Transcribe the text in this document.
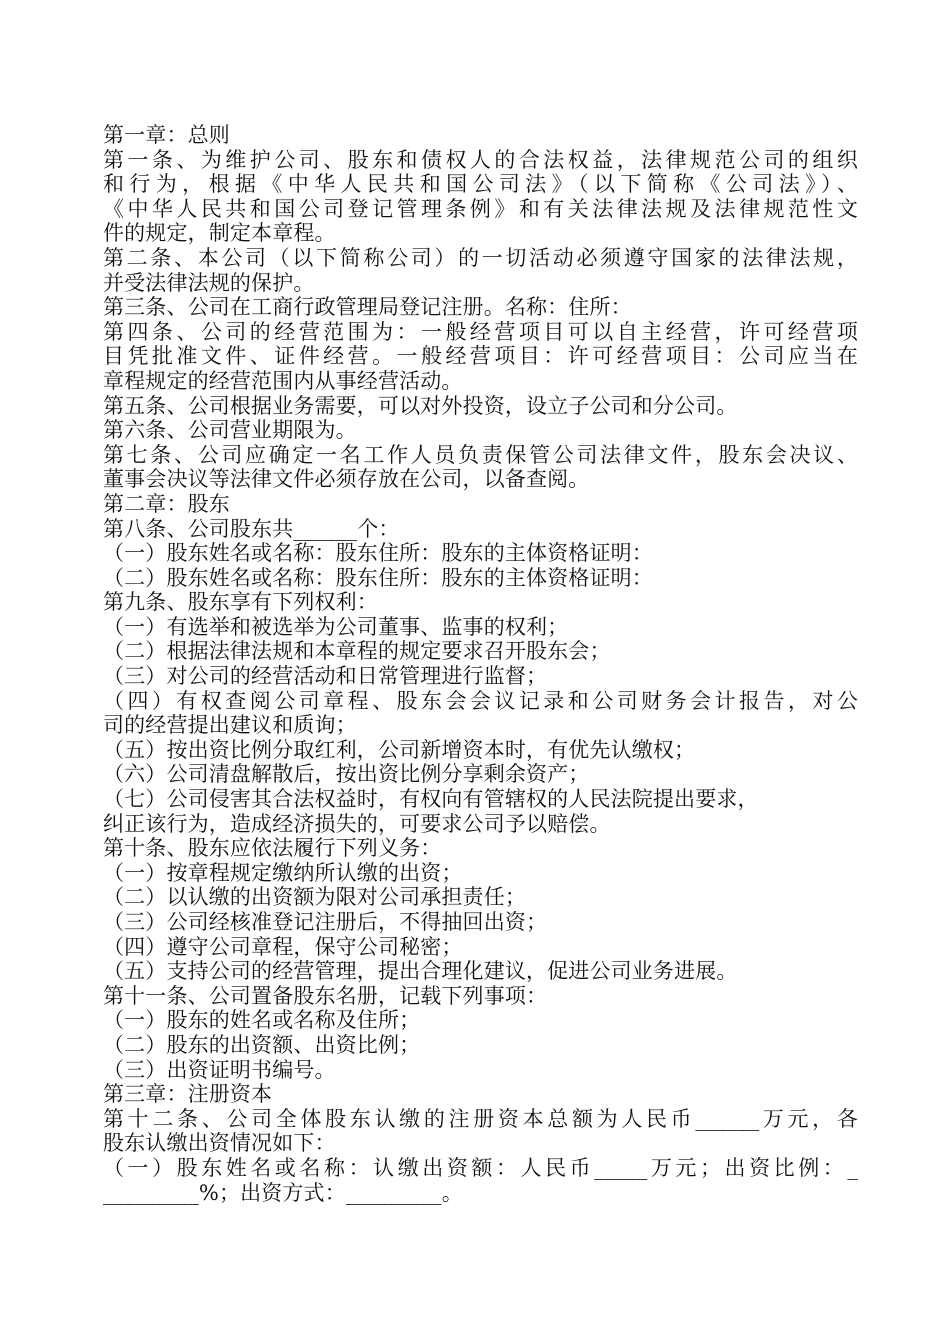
第一章：总则
第一条、为维护公司、股东和债权人的合法权益，法律规范公司的组织
和行为，根据《中华人民共和国公司法》（以下简称《公司法》）、
《中华人民共和国公司登记管理条例》和有关法律法规及法律规范性文
件的规定，制定本章程。
第二条、本公司（以下简称公司）的一切活动必须遵守国家的法律法规，
并受法律法规的保护。
第三条、公司在工商行政管理局登记注册。名称：住所：
第四条、公司的经营范围为：一般经营项目可以自主经营，许可经营项
目凭批准文件、证件经营。一般经营项目：许可经营项目：公司应当在
章程规定的经营范围内从事经营活动。
第五条、公司根据业务需要，可以对外投资，设立子公司和分公司。
第六条、公司营业期限为。
第七条、公司应确定一名工作人员负责保管公司法律文件，股东会决议、
董事会决议等法律文件必须存放在公司，以备查阅。
第二章：股东
第八条、公司股东共______个：
（一）股东姓名或名称：股东住所：股东的主体资格证明：
（二）股东姓名或名称：股东住所：股东的主体资格证明：
第九条、股东享有下列权利：
（一）有选举和被选举为公司董事、监事的权利；
（二）根据法律法规和本章程的规定要求召开股东会；
（三）对公司的经营活动和日常管理进行监督；
（四）有权查阅公司章程、股东会会议记录和公司财务会计报告，对公
司的经营提出建议和质询；
（五）按出资比例分取红利，公司新增资本时，有优先认缴权；
（六）公司清盘解散后，按出资比例分享剩余资产；
（七）公司侵害其合法权益时，有权向有管辖权的人民法院提出要求，
纠正该行为，造成经济损失的，可要求公司予以赔偿。
第十条、股东应依法履行下列义务：
（一）按章程规定缴纳所认缴的出资；
（二）以认缴的出资额为限对公司承担责任；
（三）公司经核准登记注册后，不得抽回出资；
（四）遵守公司章程，保守公司秘密；
（五）支持公司的经营管理，提出合理化建议，促进公司业务进展。
第十一条、公司置备股东名册，记载下列事项：
（一）股东的姓名或名称及住所；
（二）股东的出资额、出资比例；
（三）出资证明书编号。
第三章：注册资本
第十二条、公司全体股东认缴的注册资本总额为人民币______万元，各
股东认缴出资情况如下：
（一）股东姓名或名称：认缴出资额：人民币_____万元；出资比例：_
_________%；出资方式：_________。
